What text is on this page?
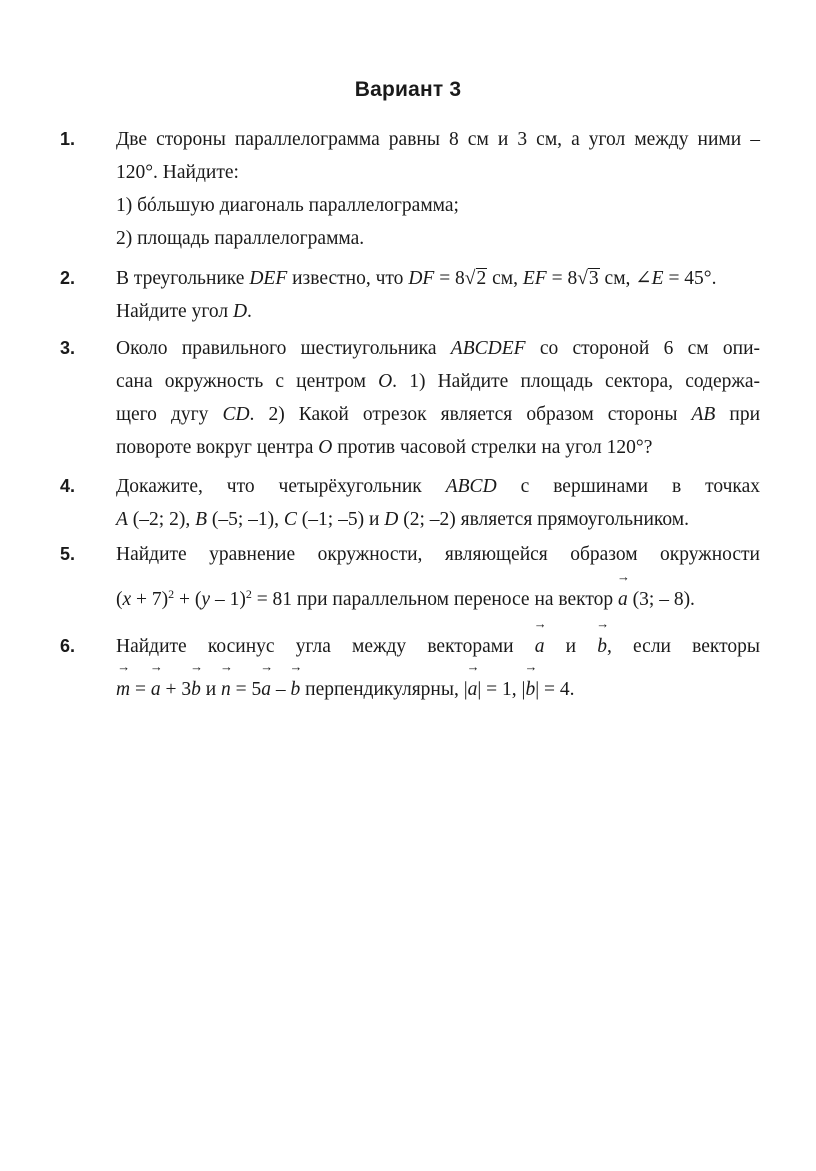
Вариант 3
1. Две стороны параллелограмма равны 8 см и 3 см, а угол между ними –
120°. Найдите:
1) бóльшую диагональ параллелограмма;
2) площадь параллелограмма.
2. В треугольнике DEF известно, что DF = 8√2 см, EF = 8√3 см, ∠E = 45°.
Найдите угол D.
3. Около правильного шестиугольника ABCDEF со стороной 6 см опи-
сана окружность с центром O. 1) Найдите площадь сектора, содержа-
щего дугу CD. 2) Какой отрезок является образом стороны AB при
повороте вокруг центра O против часовой стрелки на угол 120°?
4. Докажите, что четырёхугольник ABCD с вершинами в точках
A (–2; 2), B (–5; –1), C (–1; –5) и D (2; –2) является прямоугольником.
5. Найдите уравнение окружности, являющейся образом окружности
$(x + 7)^2 + (y - 1)^2 = 81$ при параллельном переносе на вектор → a (3; – 8).
6. Найдите косинус угла между векторами → a и → b, если векторы
→ m = → a + 3→ b и → n = 5→ a – → b перпендикулярны, |→ a| = 1, |→ b| = 4.
